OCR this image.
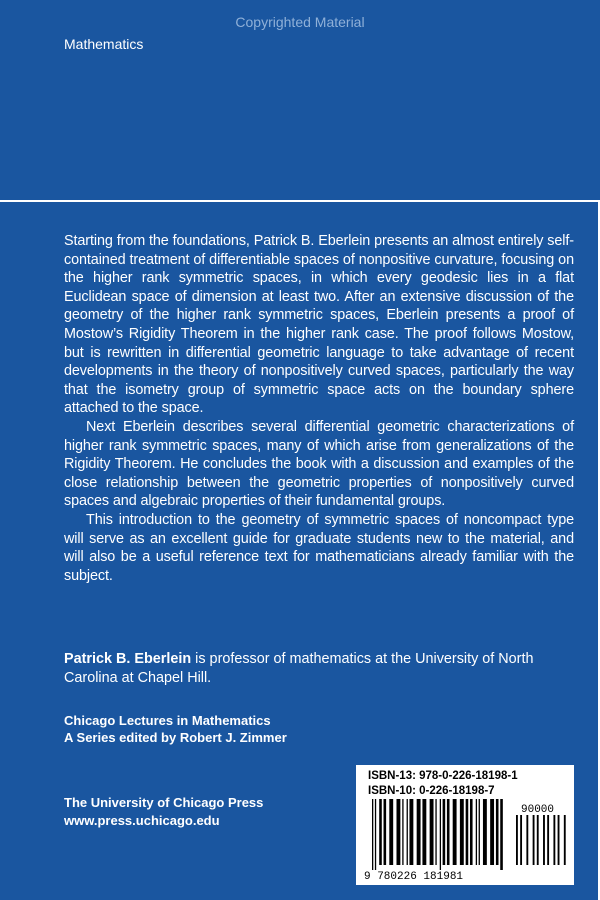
Copyrighted Material
Mathematics

Starting from the foundations, Patrick B. Eberlein presents an almost entirely self-contained treatment of differentiable spaces of nonpositive curvature, focusing on the higher rank symmetric spaces, in which every geodesic lies in a flat Euclidean space of dimension at least two. After an extensive discussion of the geometry of the higher rank symmetric spaces, Eberlein presents a proof of Mostow’s Rigidity Theorem in the higher rank case. The proof follows Mostow, but is rewritten in differential geometric language to take advantage of recent developments in the theory of nonpositively curved spaces, particularly the way that the isometry group of symmetric space acts on the boundary sphere attached to the space.

Next Eberlein describes several differential geometric characterizations of higher rank symmetric spaces, many of which arise from generalizations of the Rigidity Theorem. He concludes the book with a discussion and examples of the close relationship between the geometric properties of nonpositively curved spaces and algebraic properties of their fundamental groups.

This introduction to the geometry of symmetric spaces of noncompact type will serve as an excellent guide for graduate students new to the material, and will also be a useful reference text for mathematicians already familiar with the subject.

Patrick B. Eberlein is professor of mathematics at the University of North Carolina at Chapel Hill.
Chicago Lectures in Mathematics
A Series edited by Robert J. Zimmer
The University of Chicago Press
www.press.uchicago.edu
ISBN-13: 978-0-226-18198-1
ISBN-10: 0-226-18198-7
9 780226 181981
90000
